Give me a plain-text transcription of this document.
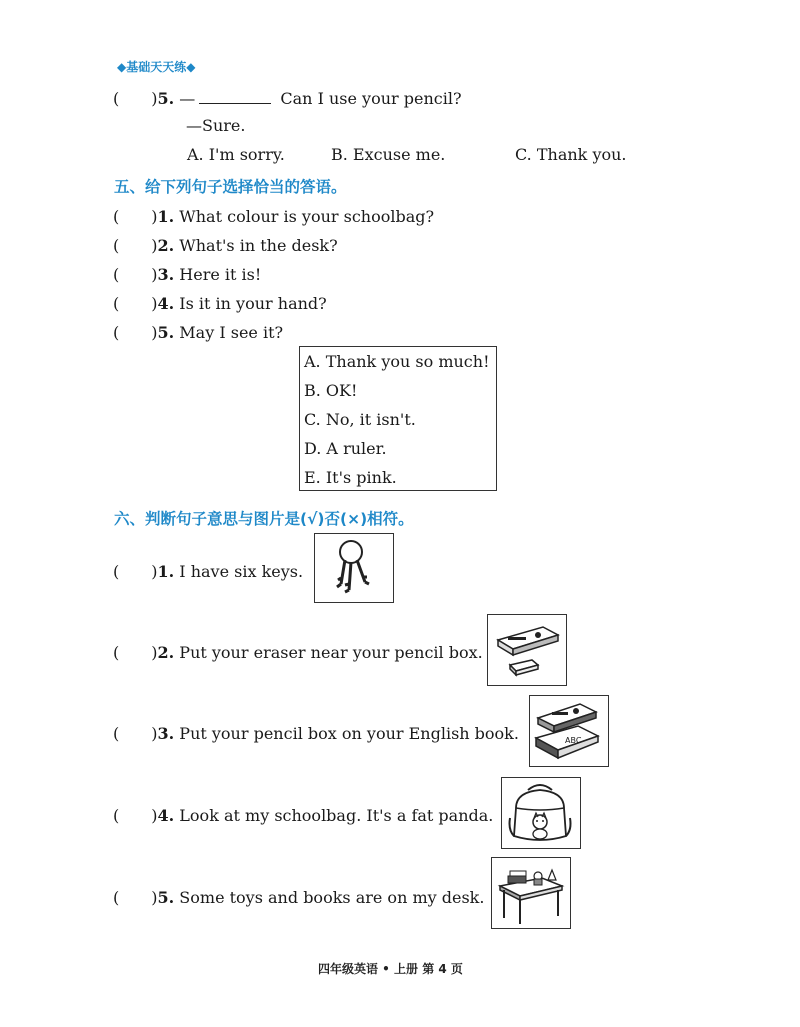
◆基础天天练◆
(　　)5. —	Can I use your pencil?
—Sure.
A. I'm sorry.	B. Excuse me.	C. Thank you.
五、给下列句子选择恰当的答语。
(　　)1. What colour is your schoolbag?
(　　)2. What's in the desk?
(　　)3. Here it is!
(　　)4. Is it in your hand?
(　　)5. May I see it?
A. Thank you so much!
B. OK!
C. No, it isn't.
D. A ruler.
E. It's pink.
六、判断句子意思与图片是(√)否(×)相符。
(　　)1. I have six keys.
(　　)2. Put your eraser near your pencil box.
(　　)3. Put your pencil box on your English book.	ABC
(　　)4. Look at my schoolbag. It's a fat panda.
(　　)5. Some toys and books are on my desk.
四年级英语 • 上册 第 4 页
